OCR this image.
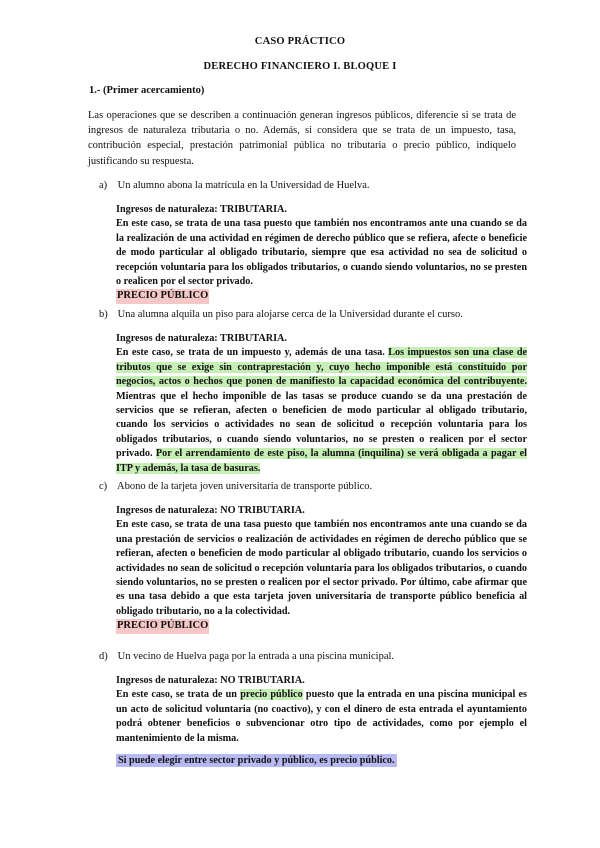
CASO PRÁCTICO
DERECHO FINANCIERO I. BLOQUE I
1.- (Primer acercamiento)
Las operaciones que se describen a continuación generan ingresos públicos, diferencie si se trata de ingresos de naturaleza tributaria o no. Además, si considera que se trata de un impuesto, tasa, contribución especial, prestación patrimonial pública no tributaria o precio público, indíquelo justificando su respuesta.
a) Un alumno abona la matrícula en la Universidad de Huelva.
Ingresos de naturaleza: TRIBUTARIA.
En este caso, se trata de una tasa puesto que también nos encontramos ante una cuando se da la realización de una actividad en régimen de derecho público que se refiera, afecte o beneficie de modo particular al obligado tributario, siempre que esa actividad no sea de solicitud o recepción voluntaria para los obligados tributarios, o cuando siendo voluntarios, no se presten o realicen por el sector privado.
PRECIO PÚBLICO
b) Una alumna alquila un piso para alojarse cerca de la Universidad durante el curso.
Ingresos de naturaleza: TRIBUTARIA.
En este caso, se trata de un impuesto y, además de una tasa. Los impuestos son una clase de tributos que se exige sin contraprestación y, cuyo hecho imponible está constituido por negocios, actos o hechos que ponen de manifiesto la capacidad económica del contribuyente. Mientras que el hecho imponible de las tasas se produce cuando se da una prestación de servicios que se refieran, afecten o beneficien de modo particular al obligado tributario, cuando los servicios o actividades no sean de solicitud o recepción voluntaria para los obligados tributarios, o cuando siendo voluntarios, no se presten o realicen por el sector privado. Por el arrendamiento de este piso, la alumna (inquilina) se verá obligada a pagar el ITP y además, la tasa de basuras.
c) Abono de la tarjeta joven universitaria de transporte público.
Ingresos de naturaleza: NO TRIBUTARIA.
En este caso, se trata de una tasa puesto que también nos encontramos ante una cuando se da una prestación de servicios o realización de actividades en régimen de derecho público que se refieran, afecten o beneficien de modo particular al obligado tributario, cuando los servicios o actividades no sean de solicitud o recepción voluntaria para los obligados tributarios, o cuando siendo voluntarios, no se presten o realicen por el sector privado. Por último, cabe afirmar que es una tasa debido a que esta tarjeta joven universitaria de transporte público beneficia al obligado tributario, no a la colectividad.
PRECIO PÚBLICO
d) Un vecino de Huelva paga por la entrada a una piscina municipal.
Ingresos de naturaleza: NO TRIBUTARIA.
En este caso, se trata de un precio público puesto que la entrada en una piscina municipal es un acto de solicitud voluntaria (no coactivo), y con el dinero de esta entrada el ayuntamiento podrá obtener beneficios o subvencionar otro tipo de actividades, como por ejemplo el mantenimiento de la misma.
Si puede elegir entre sector privado y público, es precio público.
